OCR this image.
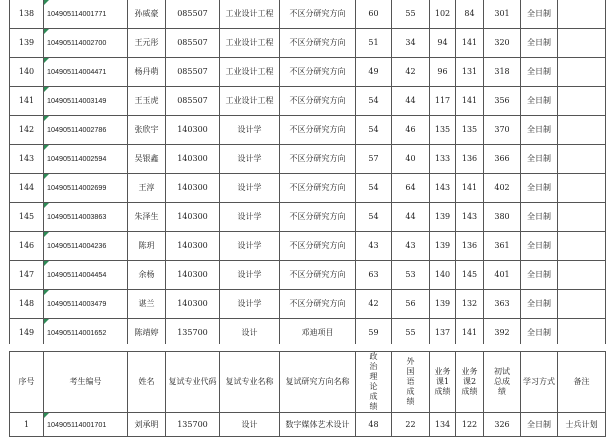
138	104905114001771	孙威豪	085507	工业设计工程	不区分研究方向	60	55	102	84	301	全日制	
139	104905114002700	王元彤	085507	工业设计工程	不区分研究方向	51	34	94	141	320	全日制	
140	104905114004471	杨丹萌	085507	工业设计工程	不区分研究方向	49	42	96	131	318	全日制	
141	104905114003149	王玉虎	085507	工业设计工程	不区分研究方向	54	44	117	141	356	全日制	
142	104905114002786	张欣宇	140300	设计学	不区分研究方向	54	46	135	135	370	全日制	
143	104905114002594	吴银鑫	140300	设计学	不区分研究方向	57	40	133	136	366	全日制	
144	104905114002699	王淳	140300	设计学	不区分研究方向	54	64	143	141	402	全日制	
145	104905114003863	朱泽生	140300	设计学	不区分研究方向	54	44	139	143	380	全日制	
146	104905114004236	陈玥	140300	设计学	不区分研究方向	43	43	139	136	361	全日制	
147	104905114004454	余杨	140300	设计学	不区分研究方向	63	53	140	145	401	全日制	
148	104905114003479	谌兰	140300	设计学	不区分研究方向	42	56	139	132	363	全日制	
149	104905114001652	陈靖婷	135700	设计	邓迪项目	59	55	137	141	392	全日制	
序号	考生编号	姓名	复试专业代码	复试专业名称	复试研究方向名称	政治理论成绩	外国语成绩	业务课1成绩	业务课2成绩	初试总成绩	学习方式	备注
1	104905114001701	刘承明	135700	设计	数字媒体艺术设计	48	22	134	122	326	全日制	士兵计划
